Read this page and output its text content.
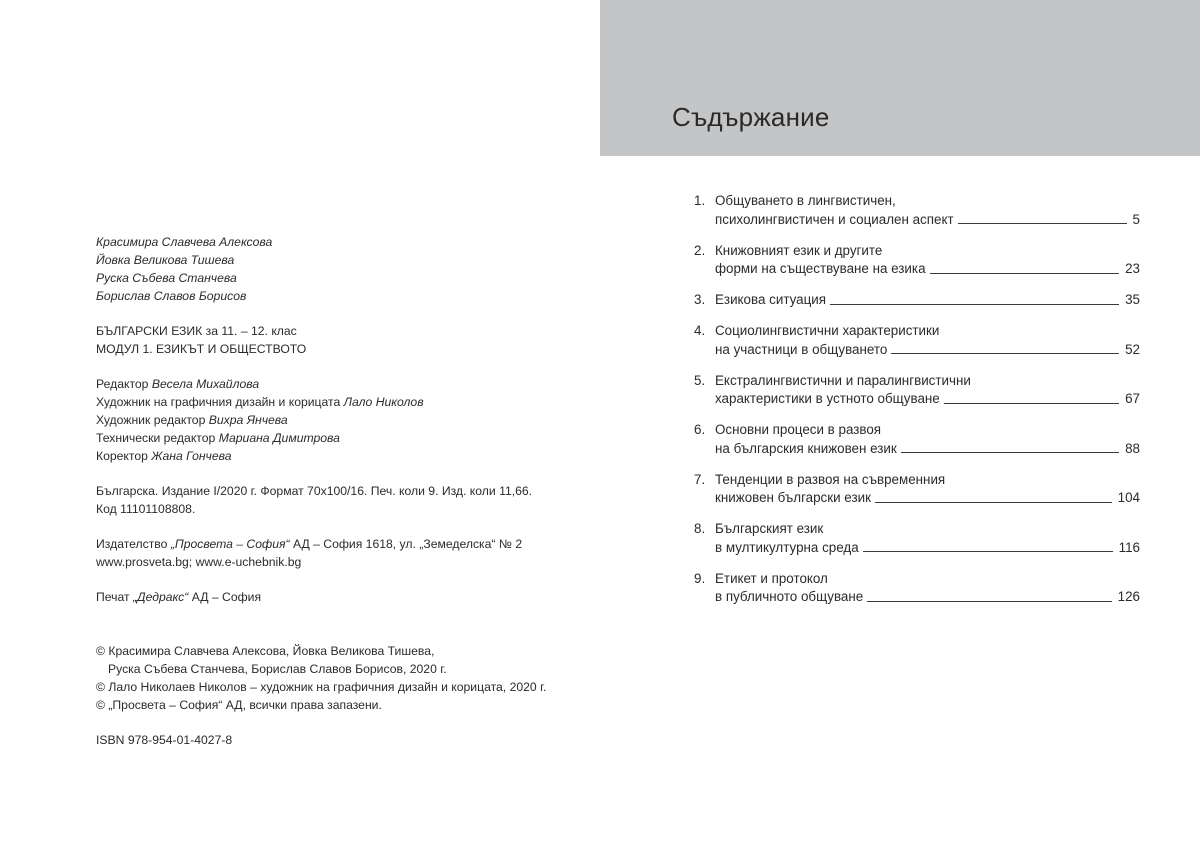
Красимира Славчева Алексова
Йовка Великова Тишева
Руска Събева Станчева
Борислав Славов Борисов
БЪЛГАРСКИ ЕЗИК за 11. – 12. клас
МОДУЛ 1. ЕЗИКЪТ И ОБЩЕСТВОТО
Редактор Весела Михайлова
Художник на графичния дизайн и корицата Лало Николов
Художник редактор Вихра Янчева
Технически редактор Мариана Димитрова
Коректор Жана Гончева
Българска. Издание I/2020 г. Формат 70х100/16. Печ. коли 9. Изд. коли 11,66.
Код 11101108808.
Издателство „Просвета – София“ АД – София 1618, ул. „Земеделска“ № 2
www.prosveta.bg; www.e-uchebnik.bg
Печат „Дедракс“ АД – София
© Красимира Славчева Алексова, Йовка Великова Тишева,
Руска Събева Станчева, Борислав Славов Борисов, 2020 г.
© Лало Николаев Николов – художник на графичния дизайн и корицата, 2020 г.
© „Просвета – София“ АД, всички права запазени.
ISBN 978-954-01-4027-8
Съдържание
1. Общуването в лингвистичен,
психолингвистичен и социален аспект	5
2. Книжовният език и другите
форми на съществуване на езика	23
3. Езикова ситуация	35
4. Социолингвистични характеристики
на участници в общуването	52
5. Екстралингвистични и паралингвистични
характеристики в устното общуване	67
6. Основни процеси в развоя
на българския книжовен език	88
7. Тенденции в развоя на съвременния
книжовен български език	104
8. Българският език
в мултикултурна среда	116
9. Етикет и протокол
в публичното общуване	126
